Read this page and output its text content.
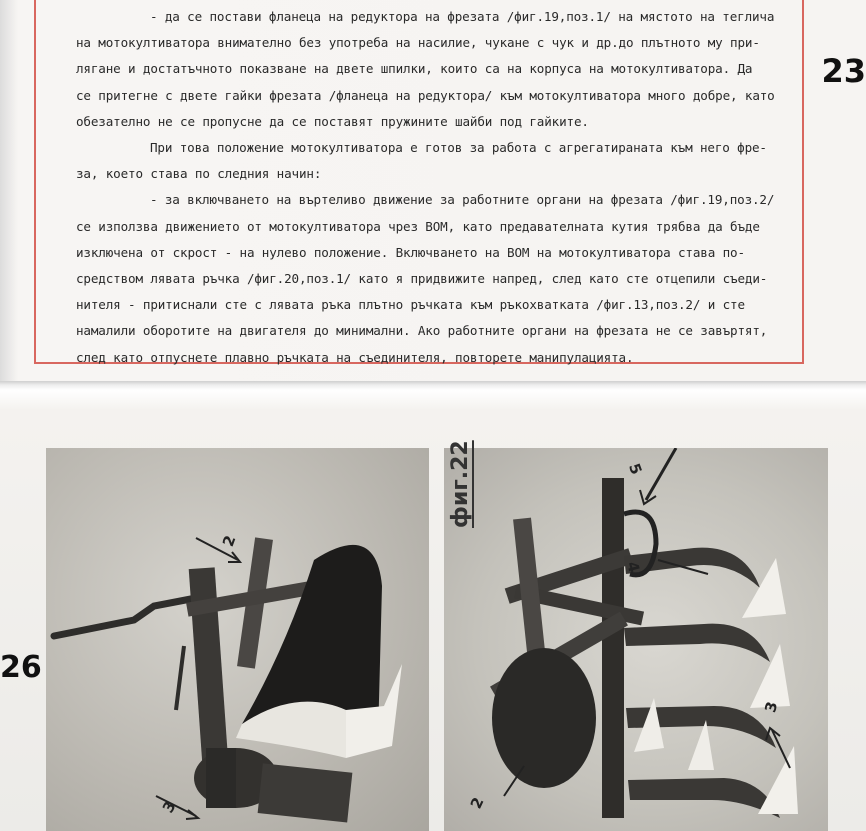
- да се постави фланеца на редуктора на фрезата /фиг.19,поз.1/ на мястото на теглича
на мотокултиватора внимателно без употреба на насилие, чукане с чук и др.до плътното му при-
лягане и достатъчното показване на двете шпилки, които са на корпуса на мотокултиватора. Да
се притегне с двете гайки фрезата /фланеца на редуктора/ към мотокултиватора много добре, като
обезателно не се пропусне да се поставят пружините шайби под гайките.
При това положение мотокултиватора е готов за работа с агрегатираната към него фре-
за, което става по следния начин:
- за включването на въртеливо движение за работните органи на фрезата /фиг.19,поз.2/
се използва движението от мотокултиватора чрез ВОМ, като предавателната кутия трябва да бъде
изключена от скрост - на нулево положение. Включването на ВОМ на мотокултиватора става по-
средством лявата ръчка /фиг.20,поз.1/ като я придвижите напред, след като сте отцепили съеди-
нителя - притиснали сте с лявата ръка плътно ръчката към ръкохватката /фиг.13,поз.2/ и сте
намалили оборотите на двигателя до минимални. Ако работните органи на фрезата не се завъртят,
след като отпуснете плавно ръчката на съединителя, повторете манипулацията.
23
26
2
3
5
4
3
2
фиг.22
